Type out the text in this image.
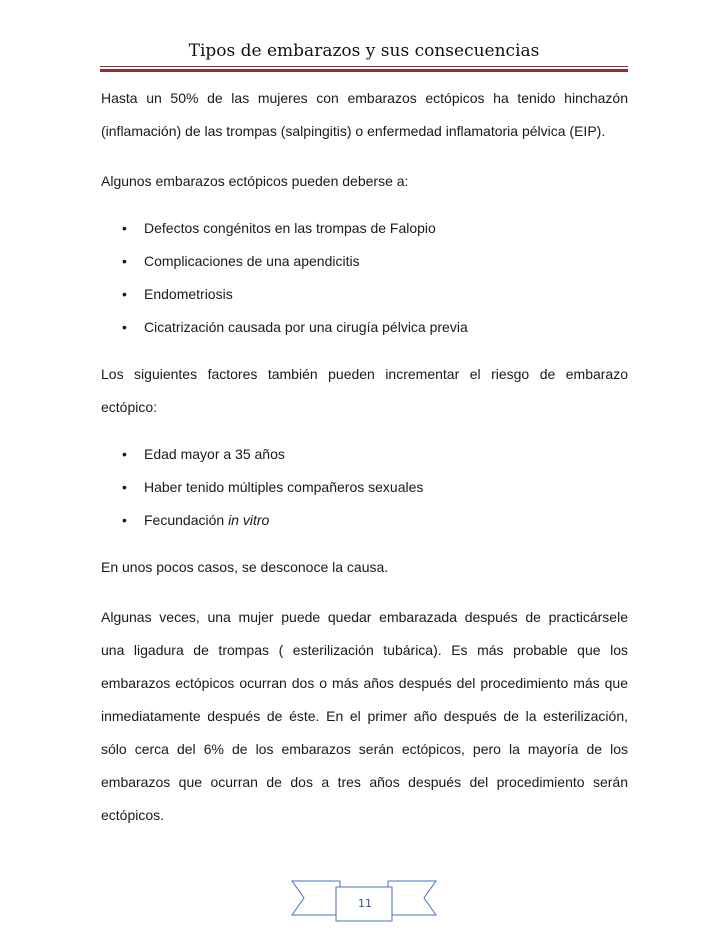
Tipos de embarazos y sus consecuencias

Hasta un 50% de las mujeres con embarazos ectópicos ha tenido hinchazón
(inflamación) de las trompas (salpingitis) o enfermedad inflamatoria pélvica (EIP).

Algunos embarazos ectópicos pueden deberse a:

• Defectos congénitos en las trompas de Falopio
• Complicaciones de una apendicitis
• Endometriosis
• Cicatrización causada por una cirugía pélvica previa

Los siguientes factores también pueden incrementar el riesgo de embarazo
ectópico:

• Edad mayor a 35 años
• Haber tenido múltiples compañeros sexuales
• Fecundación in vitro

En unos pocos casos, se desconoce la causa.

Algunas veces, una mujer puede quedar embarazada después de practicársele
una ligadura de trompas ( esterilización tubárica). Es más probable que los
embarazos ectópicos ocurran dos o más años después del procedimiento más que
inmediatamente después de éste. En el primer año después de la esterilización,
sólo cerca del 6% de los embarazos serán ectópicos, pero la mayoría de los
embarazos que ocurran de dos a tres años después del procedimiento serán
ectópicos.

11
